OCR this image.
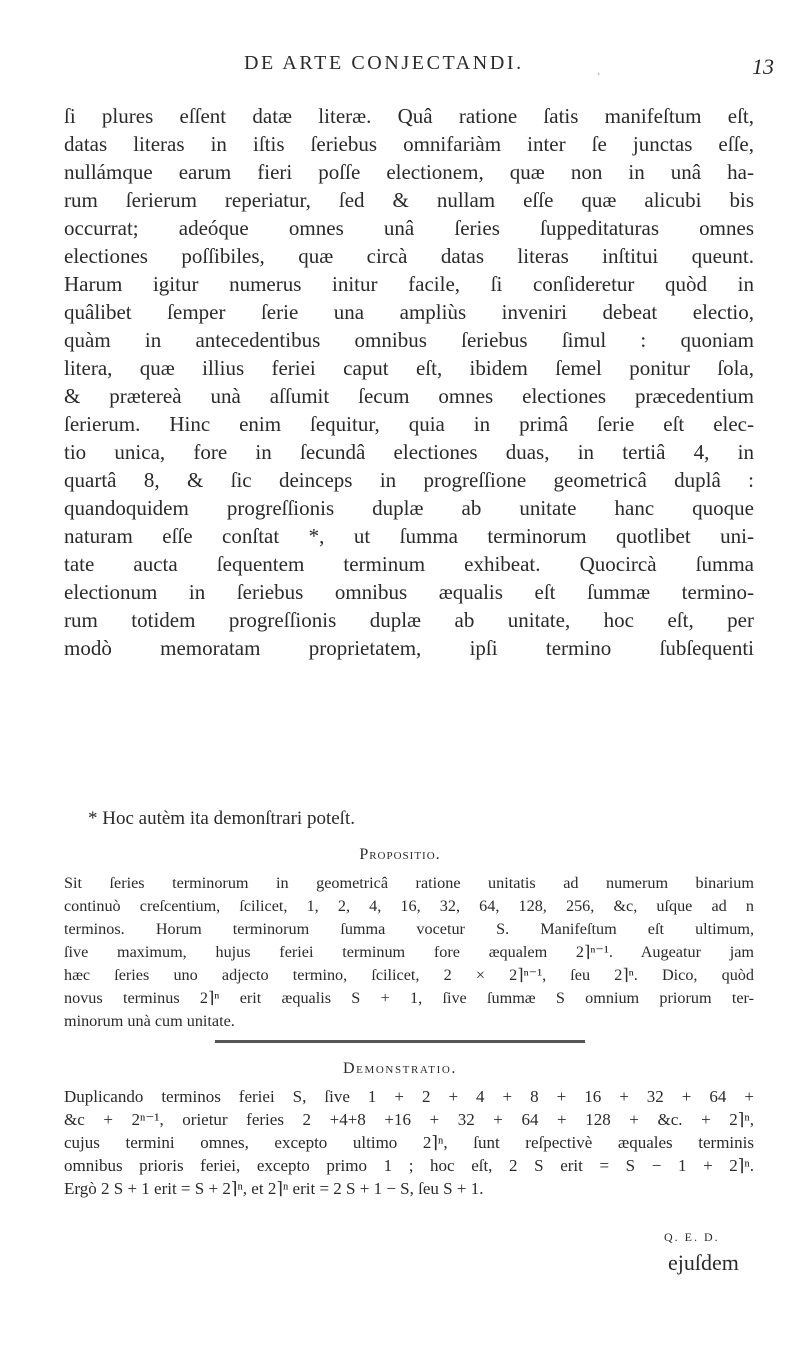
‚
DE ARTE CONJECTANDI.	13
ſi plures eſſent datæ literæ. Quâ ratione ſatis manifeſtum eſt,
datas literas in iſtis ſeriebus omnifariàm inter ſe junctas eſſe,
nullámque earum fieri poſſe electionem, quæ non in unâ ha-
rum ſerierum reperiatur, ſed & nullam eſſe quæ alicubi bis
occurrat; adeóque omnes unâ ſeries ſuppeditaturas omnes
electiones poſſibiles, quæ circà datas literas inſtitui queunt.
Harum igitur numerus initur facile, ſi conſideretur quòd in
quâlibet ſemper ſerie una ampliùs inveniri debeat electio,
quàm in antecedentibus omnibus ſeriebus ſimul : quoniam
litera, quæ illius feriei caput eſt, ibidem ſemel ponitur ſola,
& prætereà unà aſſumit ſecum omnes electiones præcedentium
ſerierum. Hinc enim ſequitur, quia in primâ ſerie eſt elec-
tio unica, fore in ſecundâ electiones duas, in tertiâ 4, in
quartâ 8, & ſic deinceps in progreſſione geometricâ duplâ :
quandoquidem progreſſionis duplæ ab unitate hanc quoque
naturam eſſe conſtat *, ut ſumma terminorum quotlibet uni-
tate aucta ſequentem terminum exhibeat. Quocircà ſumma
electionum in ſeriebus omnibus æqualis eſt ſummæ termino-
rum totidem progreſſionis duplæ ab unitate, hoc eſt, per
modò memoratam proprietatem, ipſi termino ſubſequenti
* Hoc autèm ita demonſtrari poteſt.
Propositio.
Sit ſeries terminorum in geometricâ ratione unitatis ad numerum binarium
continuò creſcentium, ſcilicet, 1, 2, 4, 16, 32, 64, 128, 256, &c, uſque ad n
terminos. Horum terminorum ſumma vocetur S. Manifeſtum eſt ultimum,
ſive maximum, hujus feriei terminum fore æqualem 2⌉ⁿ⁻¹. Augeatur jam
hæc ſeries uno adjecto termino, ſcilicet, 2 × 2⌉ⁿ⁻¹, ſeu 2⌉ⁿ. Dico, quòd
novus terminus 2⌉ⁿ erit æqualis S + 1, ſive ſummæ S omnium priorum ter-
minorum unà cum unitate.
Demonstratio.
Duplicando terminos feriei S, ſive 1 + 2 + 4 + 8 + 16 + 32 + 64 +
&c + 2ⁿ⁻¹, orietur feries 2 +4+8 +16 + 32 + 64 + 128 + &c. + 2⌉ⁿ,
cujus termini omnes, excepto ultimo 2⌉ⁿ, ſunt reſpectivè æquales terminis
omnibus prioris feriei, excepto primo 1 ; hoc eſt, 2 S erit = S − 1 + 2⌉ⁿ.
Ergò 2 S + 1 erit = S + 2⌉ⁿ, et 2⌉ⁿ erit = 2 S + 1 − S, ſeu S + 1.
Q. E. D.
ejuſdem
